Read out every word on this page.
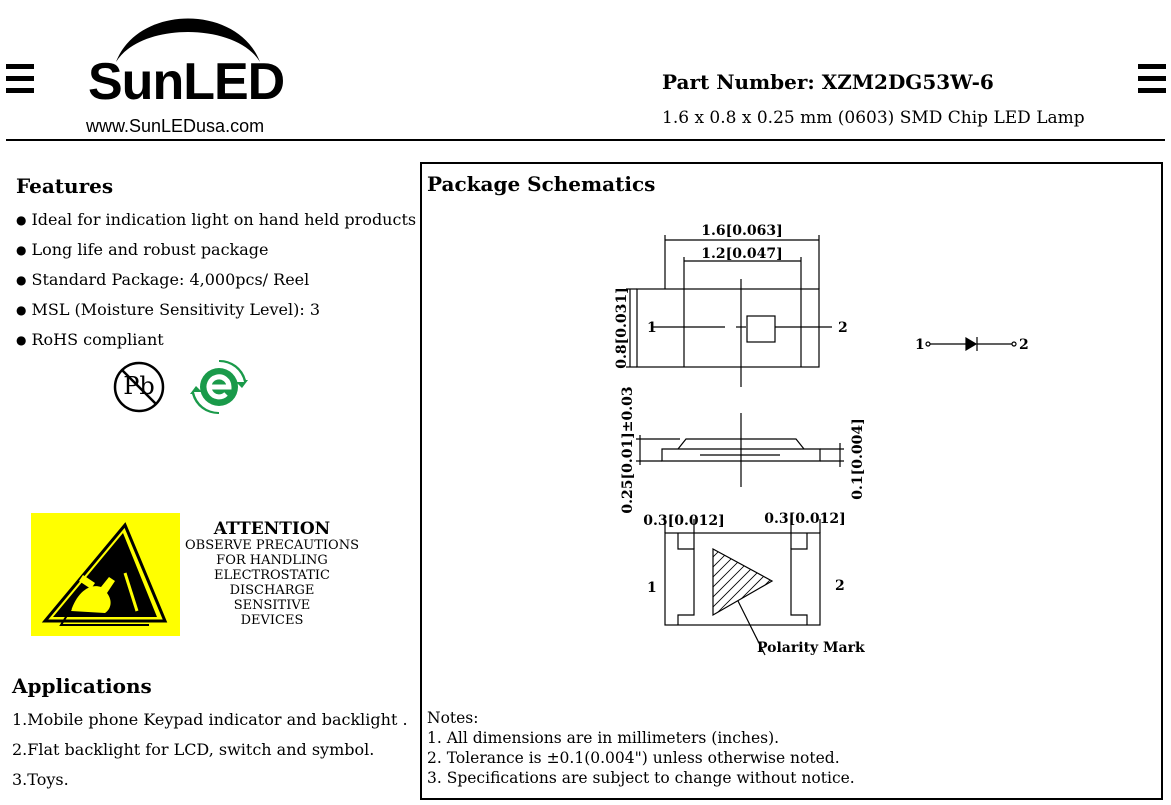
SunLED
www.SunLEDusa.com
Part Number: XZM2DG53W-6
1.6 x 0.8 x 0.25 mm (0603) SMD Chip LED Lamp
Features
● Ideal for indication light on hand held products
● Long life and robust package
● Standard Package: 4,000pcs/ Reel
● MSL (Moisture Sensitivity Level): 3
● RoHS compliant
Pb
ATTENTION
OBSERVE PRECAUTIONS
FOR HANDLING
ELECTROSTATIC
DISCHARGE
SENSITIVE
DEVICES
Applications
1.Mobile phone Keypad indicator and backlight .
2.Flat backlight for LCD, switch and symbol.
3.Toys.
Package Schematics
1.6[0.063]
1.2[0.047]
0.8[0.031] 1	2
0.25[0.01]±0.03	0.1[0.004]
0.3[0.012]	0.3[0.012]
1	2
Polarity Mark
1	2
Notes:
1. All dimensions are in millimeters (inches).
2. Tolerance is ±0.1(0.004") unless otherwise noted.
3. Specifications are subject to change without notice.
